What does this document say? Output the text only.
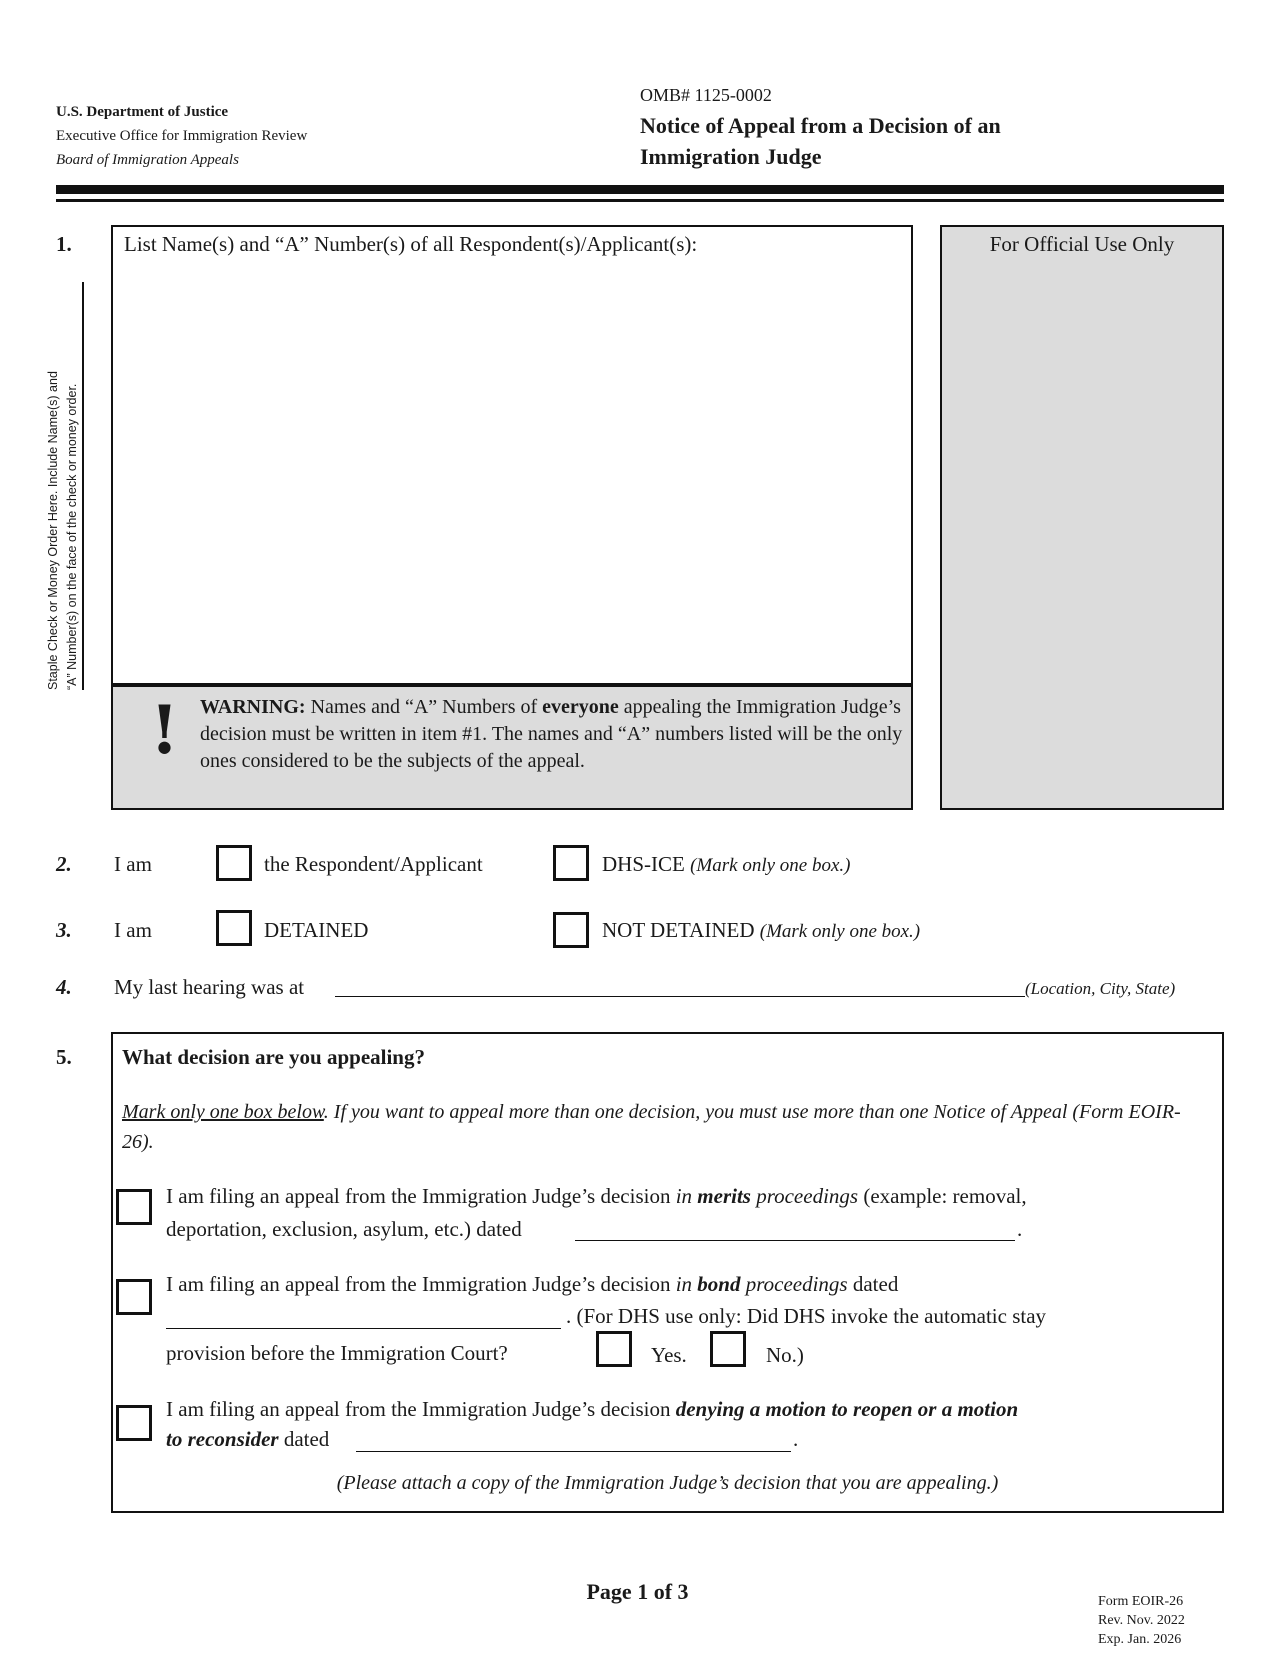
U.S. Department of Justice
Executive Office for Immigration Review
Board of Immigration Appeals
OMB# 1125-0002
Notice of Appeal from a Decision of an
Immigration Judge
Staple Check or Money Order Here. Include Name(s) and “A” Number(s) on the face of the check or money order.
1. List Name(s) and “A” Number(s) of all Respondent(s)/Applicant(s):
! WARNING: Names and “A” Numbers of everyone appealing the Immigration Judge’s decision must be written in item #1. The names and “A” numbers listed will be the only ones considered to be the subjects of the appeal.
For Official Use Only
2. I am	the Respondent/Applicant	DHS-ICE (Mark only one box.)
3. I am	DETAINED	NOT DETAINED (Mark only one box.)
4. My last hearing was at	(Location, City, State)
5. What decision are you appealing?
Mark only one box below. If you want to appeal more than one decision, you must use more than one Notice of Appeal (Form EOIR-26).
I am filing an appeal from the Immigration Judge’s decision in merits proceedings (example: removal,
deportation, exclusion, asylum, etc.) dated	.
I am filing an appeal from the Immigration Judge’s decision in bond proceedings dated
. (For DHS use only: Did DHS invoke the automatic stay
provision before the Immigration Court?	Yes.	No.)
I am filing an appeal from the Immigration Judge’s decision denying a motion to reopen or a motion
to reconsider dated	.
(Please attach a copy of the Immigration Judge’s decision that you are appealing.)
Page 1 of 3	Form EOIR-26
Rev. Nov. 2022
Exp. Jan. 2026
